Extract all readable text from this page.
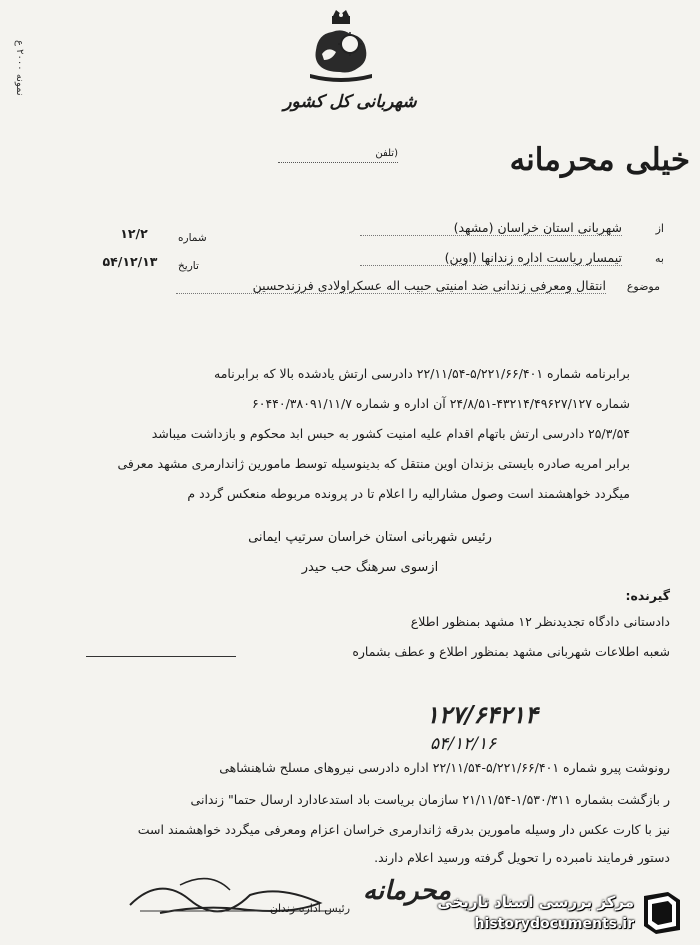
نمونه ۲۰۰۰ ع
شهربانی کل کشور
(تلفن	خیلی محرمانه
از
شهربانی استان خراسان (مشهد)
به
تیمسار ریاست اداره زندانها (اوین)
موضوع
انتقال ومعرفی زندانی ضد امنیتی حبیب اله عسکراولادی فرزندحسین
شماره
۱۲/۲
تاریخ
۵۴/۱۲/۱۳
برابرنامه شماره ۵/۲۲۱/۶۶/۴۰۱-۲۲/۱۱/۵۴ دادرسی ارتش یادشده بالا که برابرنامه
شماره ۴۳۲۱۴/۴۹۶۲۷/۱۲۷-۲۴/۸/۵۱ آن اداره و شماره ۶۰۴۴۰/۳۸۰۹۱/۱۱/۷
۲۵/۳/۵۴ دادرسی ارتش باتهام اقدام علیه امنیت کشور به حبس ابد محکوم و بازداشت میباشد
برابر امریه صادره بایستی بزندان اوین منتقل که بدینوسیله توسط مامورین ژاندارمری مشهد معرفی
میگردد خواهشمند است وصول مشارالیه را اعلام تا در پرونده مربوطه منعکس گردد م
رئیس شهربانی استان خراسان سرتیپ ایمانی
ازسوی سرهنگ حب حیدر
گیرنده:
دادستانی دادگاه تجدیدنظر ۱۲ مشهد بمنظور اطلاع
شعبه اطلاعات شهربانی مشهد بمنظور اطلاع و عطف بشماره
۱۲۷/۶۴۲۱۴
۵۴/۱۲/۱۶
رونوشت پیرو شماره ۵/۲۲۱/۶۶/۴۰۱-۲۲/۱۱/۵۴ اداره دادرسی نیروهای مسلح شاهنشاهی
ر بازگشت بشماره ۱/۵۳۰/۳۱۱-۲۱/۱۱/۵۴ سازمان بریاست باد استدعادارد ارسال حتما" زندانی
نیز با کارت عکس دار وسیله مامورین بدرقه ژاندارمری خراسان اعزام ومعرفی میگردد خواهشمند است
دستور فرمایند نامبرده را تحویل گرفته ورسید اعلام دارند.
رئیس اداره زندان
محرمانه
مرکز بررسی اسناد تاریخی
historydocuments.ir
